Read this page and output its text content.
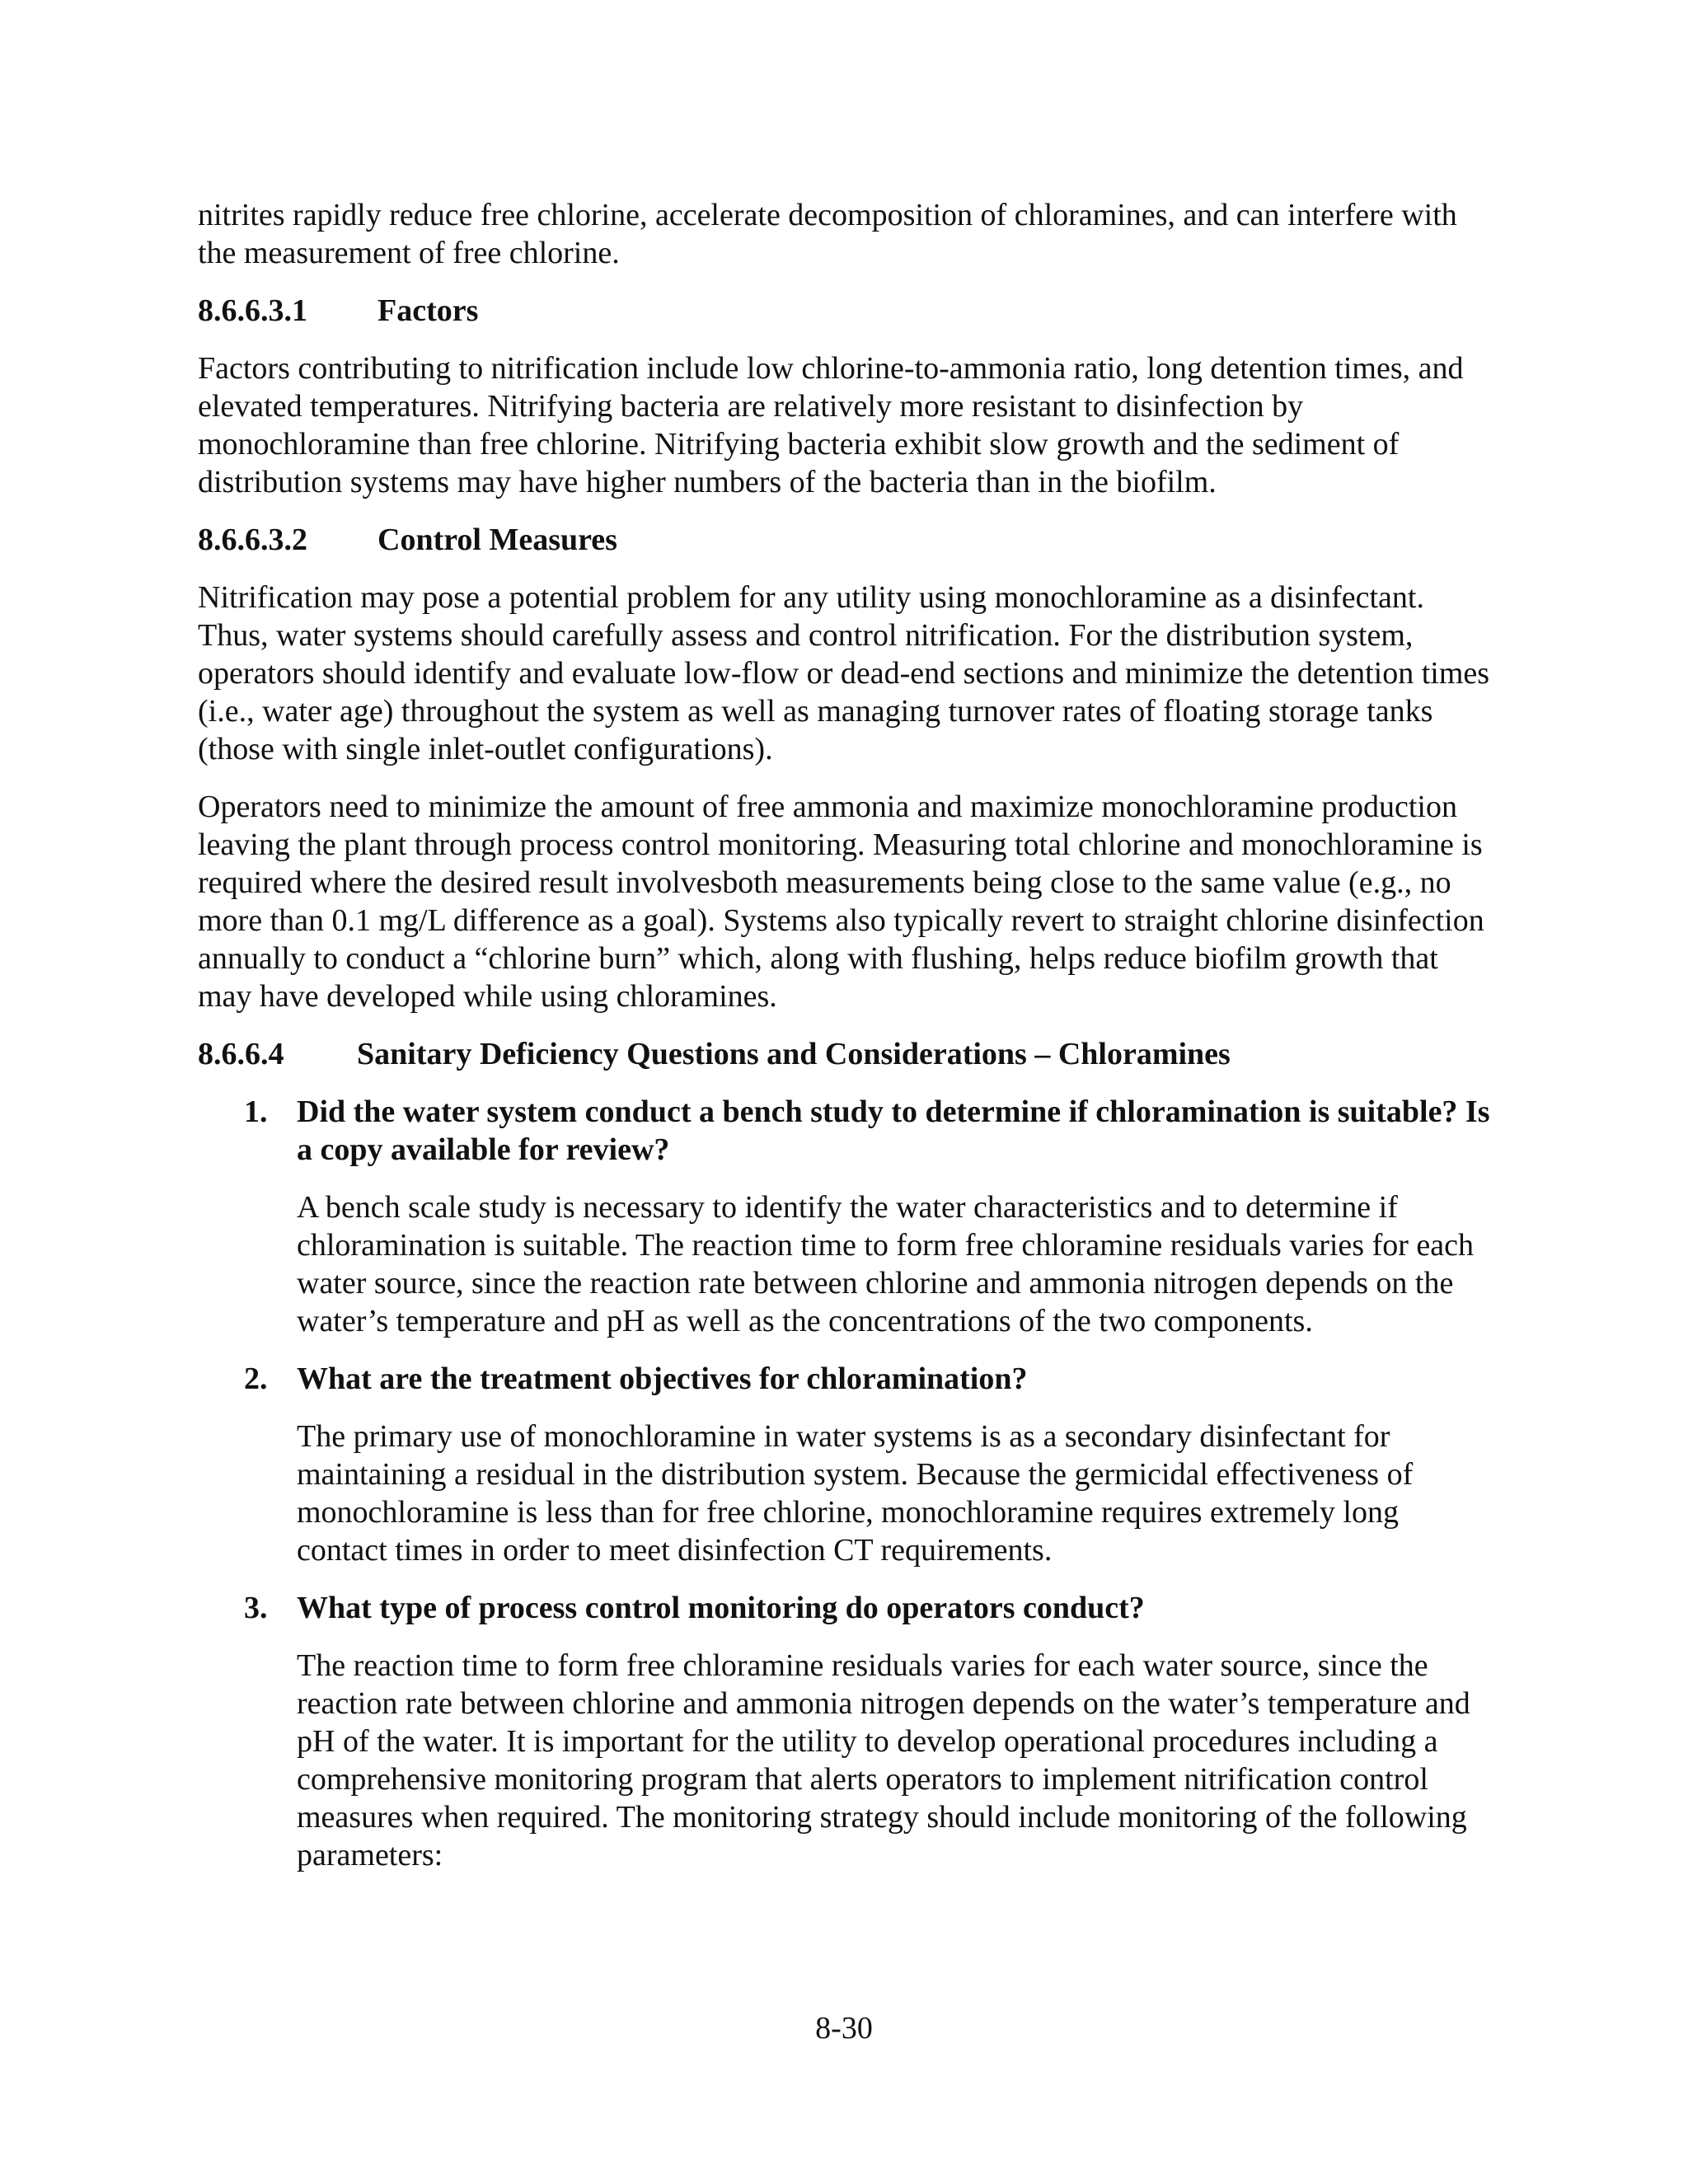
nitrites rapidly reduce free chlorine, accelerate decomposition of chloramines, and can interfere with the measurement of free chlorine.

8.6.6.3.1	Factors

Factors contributing to nitrification include low chlorine-to-ammonia ratio, long detention times, and elevated temperatures. Nitrifying bacteria are relatively more resistant to disinfection by monochloramine than free chlorine. Nitrifying bacteria exhibit slow growth and the sediment of distribution systems may have higher numbers of the bacteria than in the biofilm.

8.6.6.3.2	Control Measures

Nitrification may pose a potential problem for any utility using monochloramine as a disinfectant. Thus, water systems should carefully assess and control nitrification. For the distribution system, operators should identify and evaluate low-flow or dead-end sections and minimize the detention times (i.e., water age) throughout the system as well as managing turnover rates of floating storage tanks (those with single inlet-outlet configurations).

Operators need to minimize the amount of free ammonia and maximize monochloramine production leaving the plant through process control monitoring. Measuring total chlorine and monochloramine is required where the desired result involvesboth measurements being close to the same value (e.g., no more than 0.1 mg/L difference as a goal). Systems also typically revert to straight chlorine disinfection annually to conduct a “chlorine burn” which, along with flushing, helps reduce biofilm growth that may have developed while using chloramines.

8.6.6.4	Sanitary Deficiency Questions and Considerations – Chloramines
1. Did the water system conduct a bench study to determine if chloramination is suitable? Is a copy available for review?

A bench scale study is necessary to identify the water characteristics and to determine if chloramination is suitable. The reaction time to form free chloramine residuals varies for each water source, since the reaction rate between chlorine and ammonia nitrogen depends on the water’s temperature and pH as well as the concentrations of the two components.

2. What are the treatment objectives for chloramination?

The primary use of monochloramine in water systems is as a secondary disinfectant for maintaining a residual in the distribution system. Because the germicidal effectiveness of monochloramine is less than for free chlorine, monochloramine requires extremely long contact times in order to meet disinfection CT requirements.

3. What type of process control monitoring do operators conduct?

The reaction time to form free chloramine residuals varies for each water source, since the reaction rate between chlorine and ammonia nitrogen depends on the water’s temperature and pH of the water. It is important for the utility to develop operational procedures including a comprehensive monitoring program that alerts operators to implement nitrification control measures when required. The monitoring strategy should include monitoring of the following parameters:

8-30
